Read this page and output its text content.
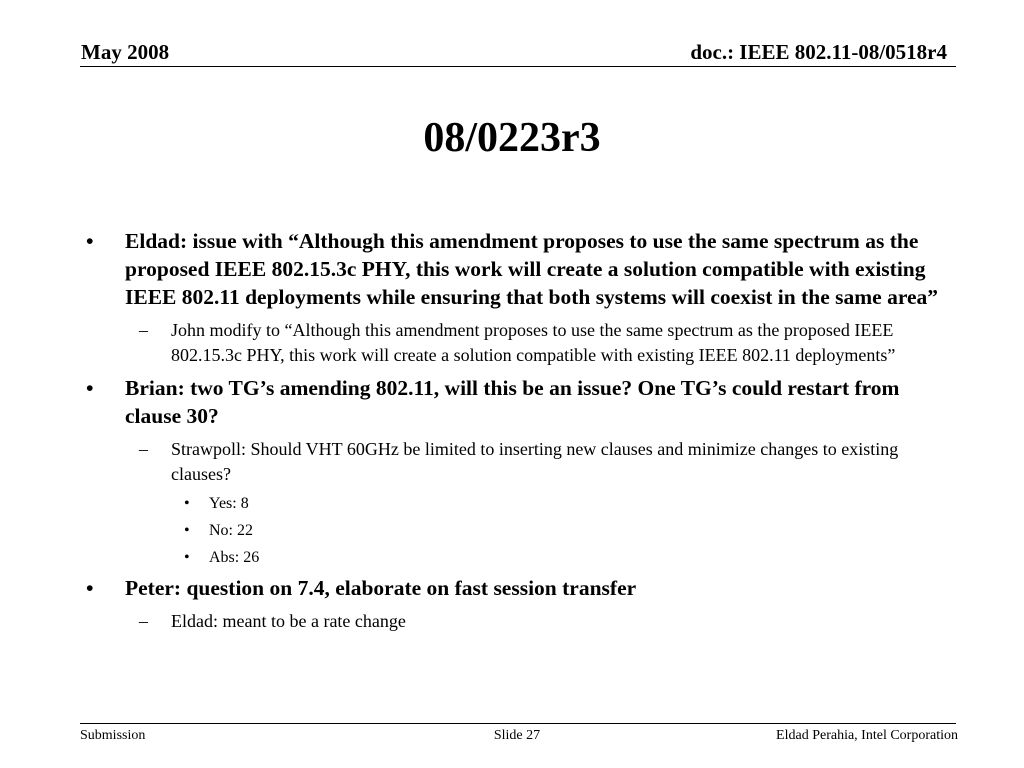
May 2008	doc.: IEEE 802.11-08/0518r4
08/0223r3
•	Eldad: issue with “Although this amendment proposes to use the same spectrum as the proposed IEEE 802.15.3c PHY, this work will create a solution compatible with existing IEEE 802.11 deployments while ensuring that both systems will coexist in the same area”
– John modify to “Although this amendment proposes to use the same spectrum as the proposed IEEE 802.15.3c PHY, this work will create a solution compatible with existing IEEE 802.11 deployments”
•	Brian: two TG’s amending 802.11, will this be an issue? One TG’s could restart from clause 30?
– Strawpoll: Should VHT 60GHz be limited to inserting new clauses and minimize changes to existing clauses?
• Yes: 8
• No: 22
• Abs: 26
•	Peter: question on 7.4, elaborate on fast session transfer
– Eldad: meant to be a rate change
Submission	Slide 27	Eldad Perahia, Intel Corporation
